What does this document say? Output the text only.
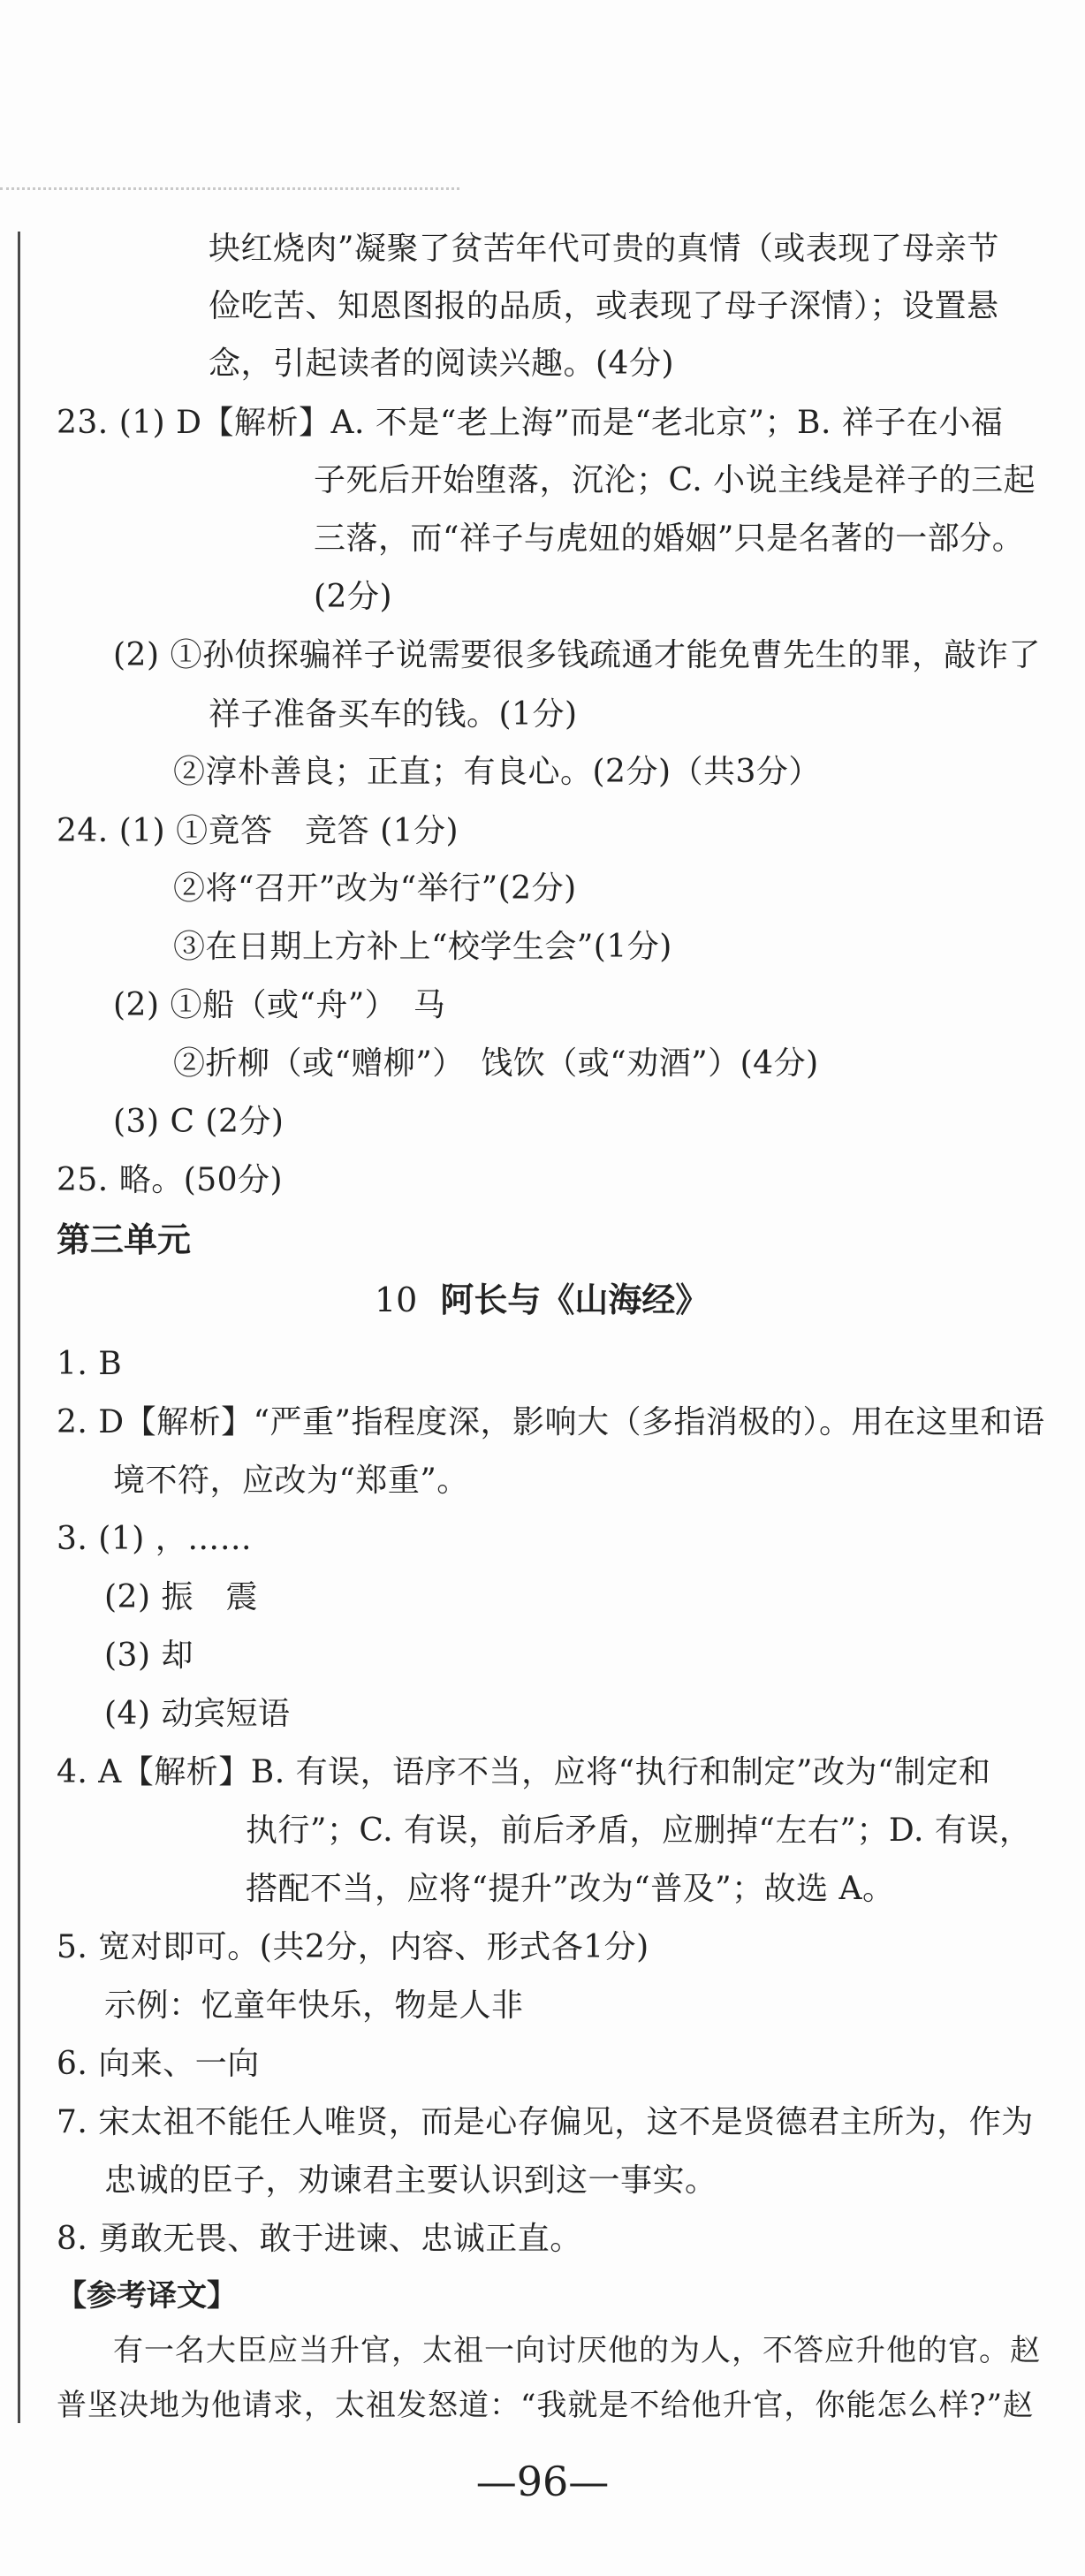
块红烧肉”凝聚了贫苦年代可贵的真情（或表现了母亲节
俭吃苦、知恩图报的品质，或表现了母子深情）；设置悬
念，引起读者的阅读兴趣。(4分)
23. (1) D【解析】A. 不是“老上海”而是“老北京”；B. 祥子在小福
子死后开始堕落，沉沦；C. 小说主线是祥子的三起
三落，而“祥子与虎妞的婚姻”只是名著的一部分。
(2分)
(2) ①孙侦探骗祥子说需要很多钱疏通才能免曹先生的罪，敲诈了
祥子准备买车的钱。(1分)
②淳朴善良；正直；有良心。(2分)（共3分）
24. (1) ①竟答　竞答 (1分)
②将“召开”改为“举行”(2分)
③在日期上方补上“校学生会”(1分)
(2) ①船（或“舟”）　马
②折柳（或“赠柳”）　饯饮（或“劝酒”）(4分)
(3) C (2分)
25. 略。(50分)
第三单元
10 阿长与《山海经》
1. B
2. D【解析】“严重”指程度深，影响大（多指消极的）。用在这里和语
境不符，应改为“郑重”。
3. (1) ，……
(2) 振　震
(3) 却
(4) 动宾短语
4. A【解析】B. 有误，语序不当，应将“执行和制定”改为“制定和
执行”；C. 有误，前后矛盾，应删掉“左右”；D. 有误，
搭配不当，应将“提升”改为“普及”；故选 A。
5. 宽对即可。(共2分，内容、形式各1分)
示例：忆童年快乐，物是人非
6. 向来、一向
7. 宋太祖不能任人唯贤，而是心存偏见，这不是贤德君主所为，作为
忠诚的臣子，劝谏君主要认识到这一事实。
8. 勇敢无畏、敢于进谏、忠诚正直。
【参考译文】
有一名大臣应当升官，太祖一向讨厌他的为人，不答应升他的官。赵
普坚决地为他请求，太祖发怒道：“我就是不给他升官，你能怎么样?”赵
—96—
